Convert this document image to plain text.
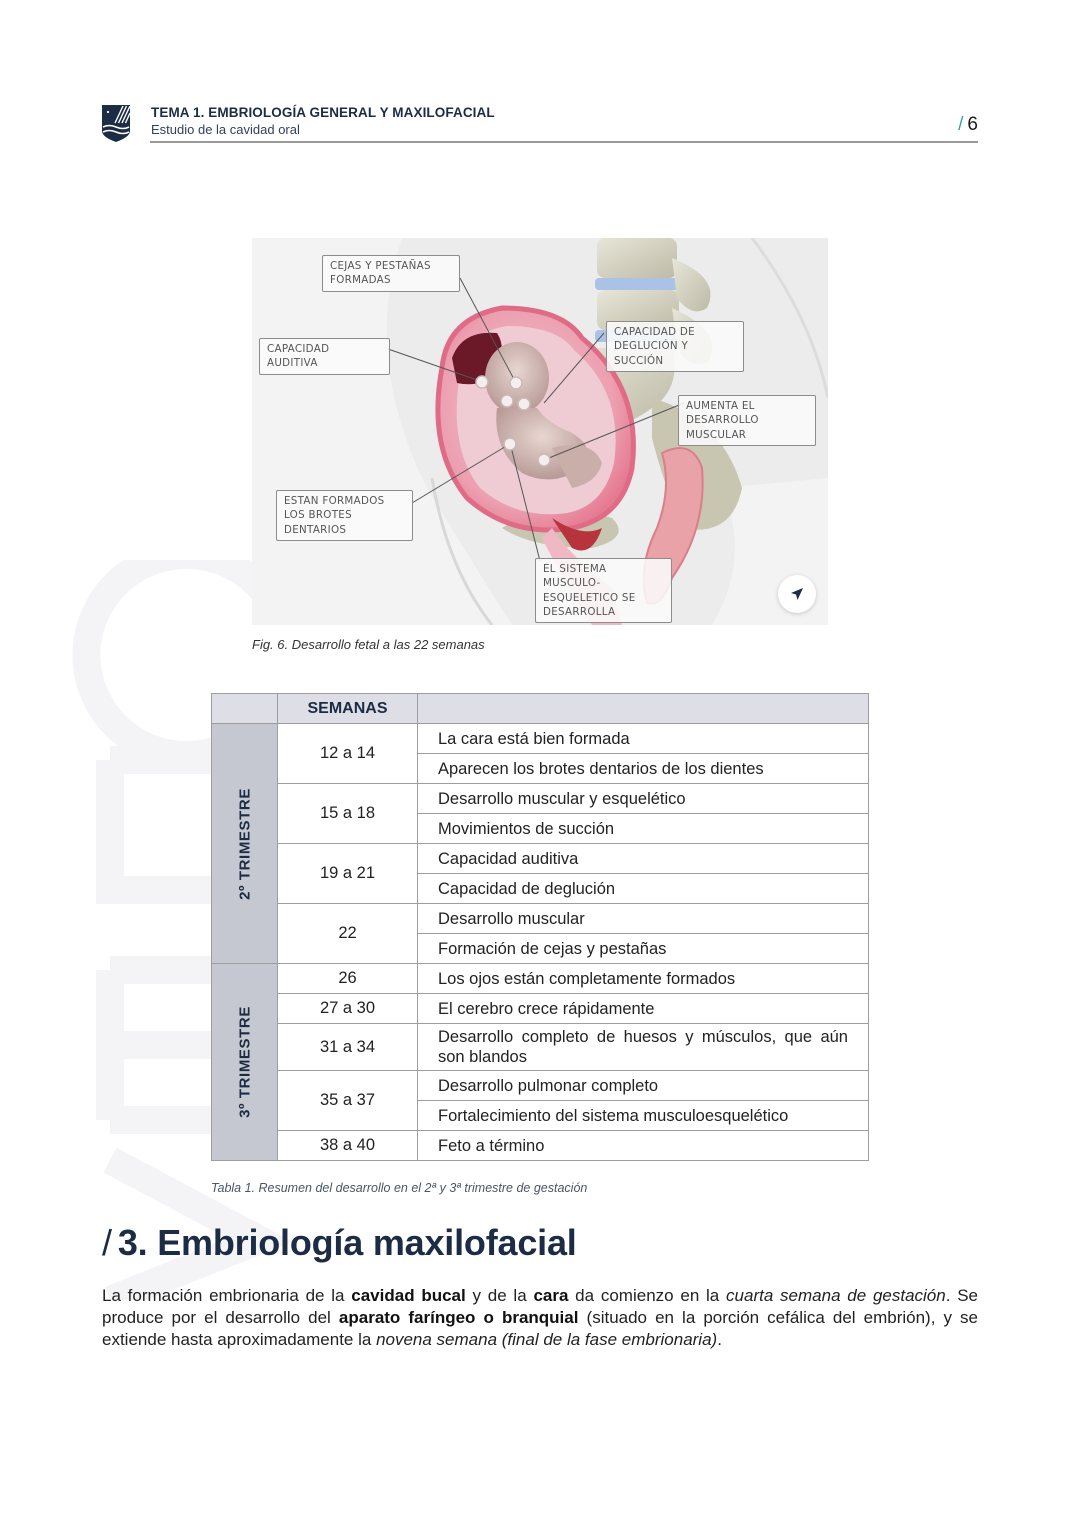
TEMA 1. EMBRIOLOGÍA GENERAL Y MAXILOFACIAL
Estudio de la cavidad oral	/ 6
CEJAS Y PESTAÑAS
FORMADAS
CAPACIDAD AUDITIVA
CAPACIDAD DE
DEGLUCIÓN Y
SUCCIÓN
AUMENTA EL
DESARROLLO
MUSCULAR
ESTAN FORMADOS
LOS BROTES
DENTARIOS
EL SISTEMA
MUSCULO-
ESQUELETICO SE
DESARROLLA
Fig. 6. Desarrollo fetal a las 22 semanas
	SEMANAS	

2º TRIMESTRE	12 a 14	La cara está bien formada
		Aparecen los brotes dentarios de los dientes
	15 a 18	Desarrollo muscular y esquelético
		Movimientos de succión
	19 a 21	Capacidad auditiva
		Capacidad de deglución
	22	Desarrollo muscular
		Formación de cejas y pestañas

3º TRIMESTRE	26	Los ojos están completamente formados
	27 a 30	El cerebro crece rápidamente
	31 a 34	Desarrollo completo de huesos y músculos, que aún son blandos
	35 a 37	Desarrollo pulmonar completo
		Fortalecimiento del sistema musculoesquelético
	38 a 40	Feto a término
Tabla 1. Resumen del desarrollo en el 2ª y 3ª trimestre de gestación
/ 3. Embriología maxilofacial
La formación embrionaria de la cavidad bucal y de la cara da comienzo en la cuarta semana de gestación. Se produce por el desarrollo del aparato faríngeo o branquial (situado en la porción cefálica del embrión), y se extiende hasta aproximadamente la novena semana (final de la fase embrionaria).
